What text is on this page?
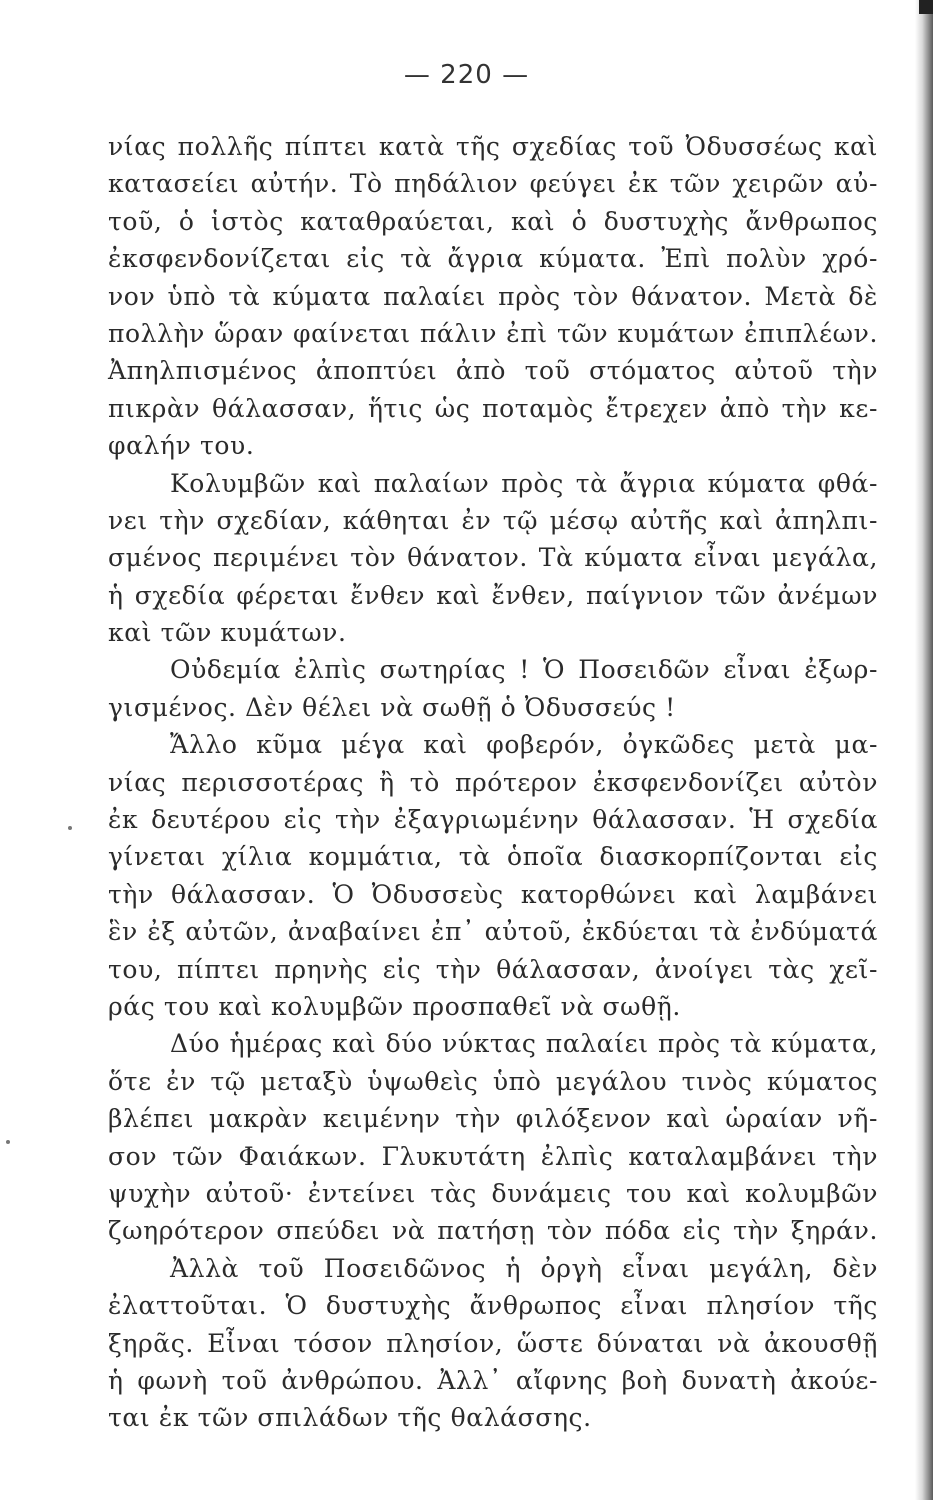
— 220 —
νίας πολλῆς πίπτει κατὰ τῆς σχεδίας τοῦ Ὀδυσσέως καὶ
κατασείει αὐτήν. Τὸ πηδάλιον φεύγει ἐκ τῶν χειρῶν αὐ-
τοῦ, ὁ ἱστὸς καταθραύεται, καὶ ὁ δυστυχὴς ἄνθρωπος
ἐκσφενδονίζεται εἰς τὰ ἄγρια κύματα. Ἐπὶ πολὺν χρό-
νον ὑπὸ τὰ κύματα παλαίει πρὸς τὸν θάνατον. Μετὰ δὲ
πολλὴν ὥραν φαίνεται πάλιν ἐπὶ τῶν κυμάτων ἐπιπλέων.
Ἀπηλπισμένος ἀποπτύει ἀπὸ τοῦ στόματος αὐτοῦ τὴν
πικρὰν θάλασσαν, ἥτις ὡς ποταμὸς ἔτρεχεν ἀπὸ τὴν κε-
φαλήν του.
Κολυμβῶν καὶ παλαίων πρὸς τὰ ἄγρια κύματα φθά-
νει τὴν σχεδίαν, κάθηται ἐν τῷ μέσῳ αὐτῆς καὶ ἀπηλπι-
σμένος περιμένει τὸν θάνατον. Τὰ κύματα εἶναι μεγάλα,
ἡ σχεδία φέρεται ἔνθεν καὶ ἔνθεν, παίγνιον τῶν ἀνέμων
καὶ τῶν κυμάτων.
Οὐδεμία ἐλπὶς σωτηρίας ! Ὁ Ποσειδῶν εἶναι ἐξωρ-
γισμένος. Δὲν θέλει νὰ σωθῇ ὁ Ὀδυσσεύς !
Ἄλλο κῦμα μέγα καὶ φοβερόν, ὀγκῶδες μετὰ μα-
νίας περισσοτέρας ἢ τὸ πρότερον ἐκσφενδονίζει αὐτὸν
ἐκ δευτέρου εἰς τὴν ἐξαγριωμένην θάλασσαν. Ἡ σχεδία
γίνεται χίλια κομμάτια, τὰ ὁποῖα διασκορπίζονται εἰς
τὴν θάλασσαν. Ὁ Ὀδυσσεὺς κατορθώνει καὶ λαμβάνει
ἓν ἐξ αὐτῶν, ἀναβαίνει ἐπ᾽ αὐτοῦ, ἐκδύεται τὰ ἐνδύματά
του, πίπτει πρηνὴς εἰς τὴν θάλασσαν, ἀνοίγει τὰς χεῖ-
ράς του καὶ κολυμβῶν προσπαθεῖ νὰ σωθῇ.
Δύο ἡμέρας καὶ δύο νύκτας παλαίει πρὸς τὰ κύματα,
ὅτε ἐν τῷ μεταξὺ ὑψωθεὶς ὑπὸ μεγάλου τινὸς κύματος
βλέπει μακρὰν κειμένην τὴν φιλόξενον καὶ ὡραίαν νῆ-
σον τῶν Φαιάκων. Γλυκυτάτη ἐλπὶς καταλαμβάνει τὴν
ψυχὴν αὐτοῦ· ἐντείνει τὰς δυνάμεις του καὶ κολυμβῶν
ζωηρότερον σπεύδει νὰ πατήσῃ τὸν πόδα εἰς τὴν ξηράν.
Ἀλλὰ τοῦ Ποσειδῶνος ἡ ὀργὴ εἶναι μεγάλη, δὲν
ἐλαττοῦται. Ὁ δυστυχὴς ἄνθρωπος εἶναι πλησίον τῆς
ξηρᾶς. Εἶναι τόσον πλησίον, ὥστε δύναται νὰ ἀκουσθῇ
ἡ φωνὴ τοῦ ἀνθρώπου. Ἀλλ᾽ αἴφνης βοὴ δυνατὴ ἀκούε-
ται ἐκ τῶν σπιλάδων τῆς θαλάσσης.
